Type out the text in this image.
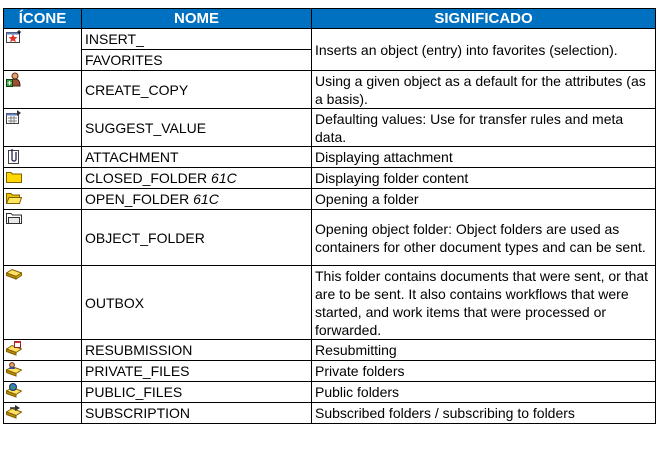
ÍCONE	NOME	SIGNIFICADO

	INSERT_	Inserts an object (entry) into favorites (selection).
	FAVORITES	

	CREATE_COPY	Using a given object as a default for the attributes (as a basis).

	SUGGEST_VALUE	Defaulting values: Use for transfer rules and meta data.

	ATTACHMENT	Displaying attachment

	CLOSED_FOLDER 61C	Displaying folder content

	OPEN_FOLDER 61C	Opening a folder

	OBJECT_FOLDER	Opening object folder: Object folders are used as containers for other document types and can be sent.

	OUTBOX	This folder contains documents that were sent, or that are to be sent. It also contains workflows that were started, and work items that were processed or forwarded.

	RESUBMISSION	Resubmitting

	PRIVATE_FILES	Private folders

	PUBLIC_FILES	Public folders

	SUBSCRIPTION	Subscribed folders / subscribing to folders
